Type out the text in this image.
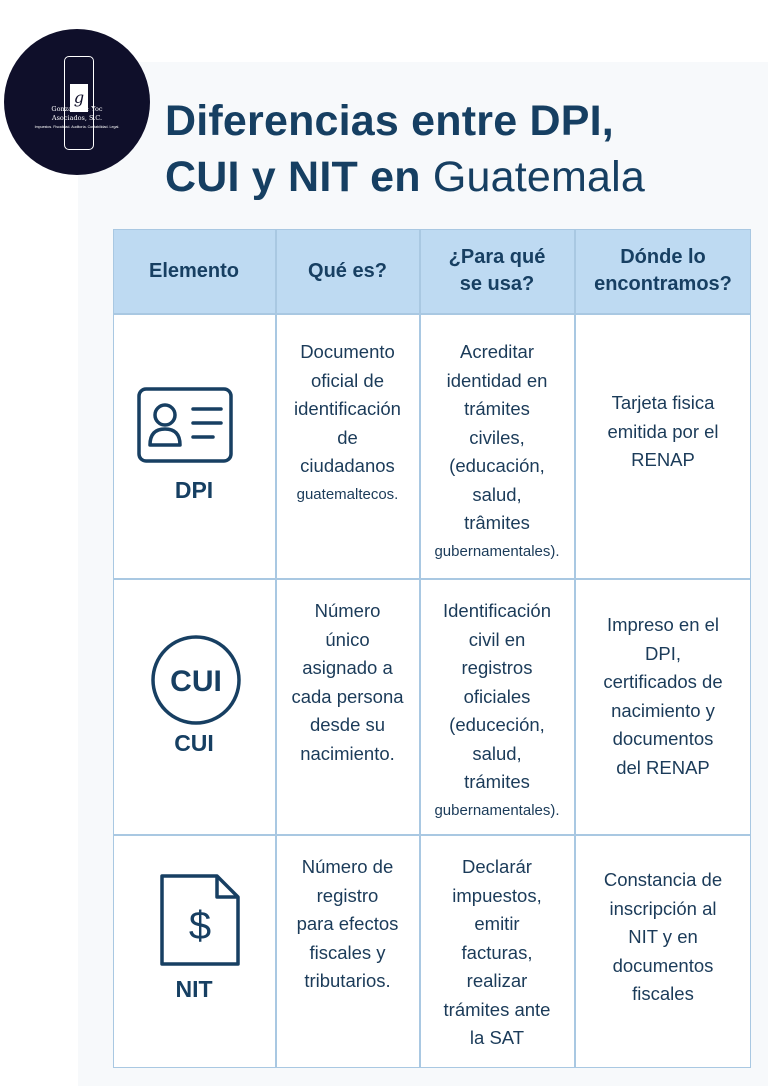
g
Gonzalez & Yoc
Asociados, S.C.
Impuestos. Fiscalidad. Auditoría. Contabilidad. Legal.	Diferencias entre DPI,
CUI y NIT en Guatemala
Elemento	Qué es?
¿Para qué
se usa?
Dónde lo
encontramos?
DPI
Documento
oficial de
identificación
de
ciudadanos
guatemaltecos.
Acreditar
identidad en
trámites
civiles,
(educación,
salud,
trâmites
gubernamentales).
Tarjeta fisica
emitida por el
RENAP
CUI
CUI
Número
único
asignado a
cada persona
desde su
nacimiento.
Identificación
civil en
registros
oficiales
(educeción,
salud,
trámites
gubernamentales).
Impreso en el
DPI,
certificados de
nacimiento y
documentos
del RENAP
$
NIT
Número de
registro
para efectos
fiscales y
tributarios.
Declarár
impuestos,
emitir
facturas,
realizar
trámites ante
la SAT
Constancia de
inscripción al
NIT y en
documentos
fiscales
